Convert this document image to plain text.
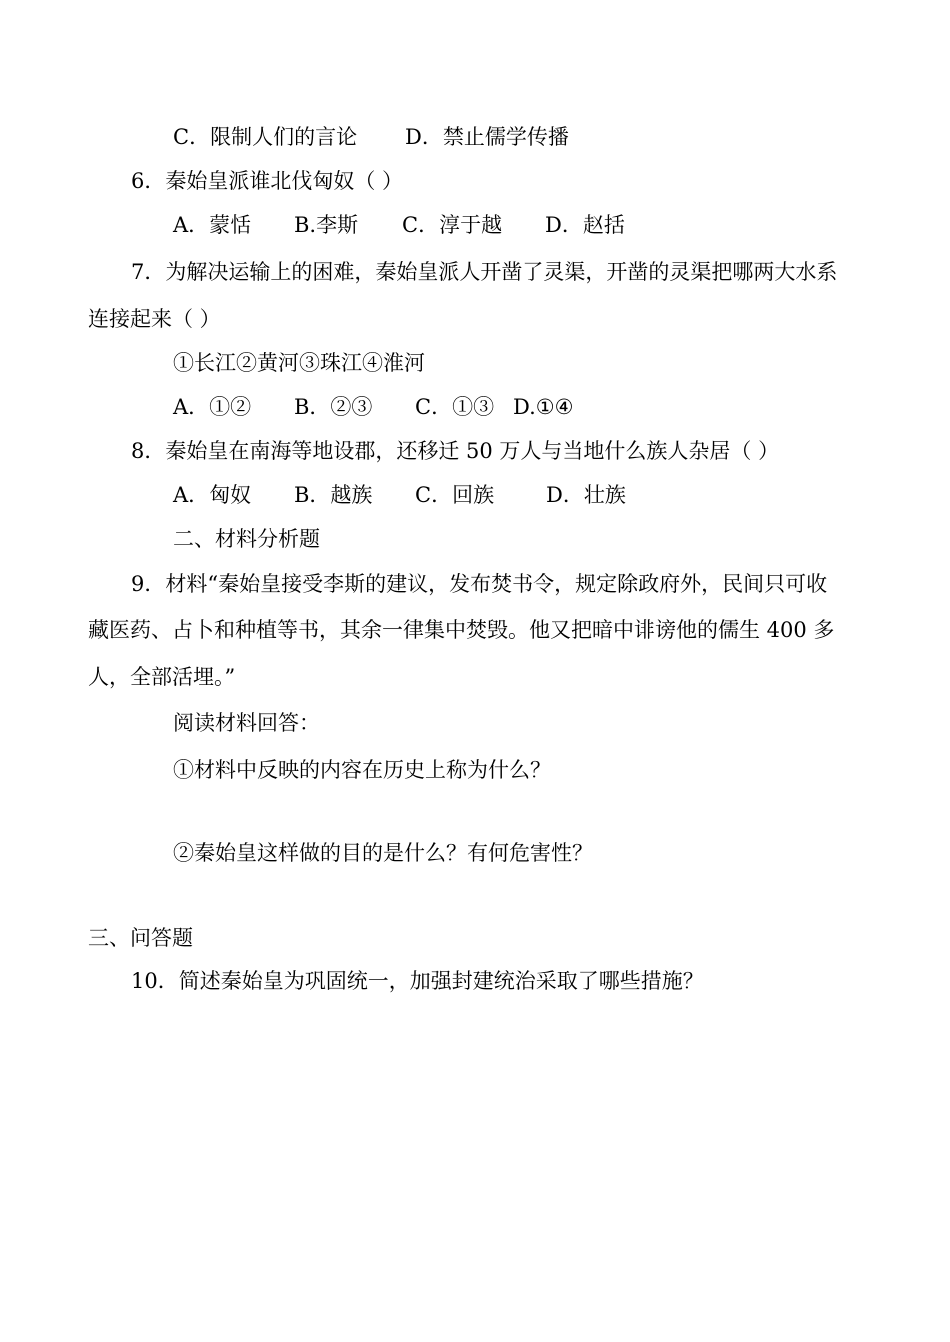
C．限制人们的言论 D．禁止儒学传播
6．秦始皇派谁北伐匈奴（ ）
A．蒙恬 B.李斯 C．淳于越 D．赵括
7．为解决运输上的困难，秦始皇派人开凿了灵渠，开凿的灵渠把哪两大水系
连接起来（ ）
①长江②黄河③珠江④淮河
A．①② B．②③ C．①③ D.①④
8．秦始皇在南海等地设郡，还移迁 50 万人与当地什么族人杂居（ ）
A．匈奴 B．越族 C．回族 D．壮族
二、材料分析题
9．材料“秦始皇接受李斯的建议，发布焚书令，规定除政府外，民间只可收
藏医药、占卜和种植等书，其余一律集中焚毁。他又把暗中诽谤他的儒生 400 多
人，全部活埋。”
阅读材料回答：
①材料中反映的内容在历史上称为什么？
②秦始皇这样做的目的是什么？有何危害性？
三、问答题
10．简述秦始皇为巩固统一，加强封建统治采取了哪些措施？
